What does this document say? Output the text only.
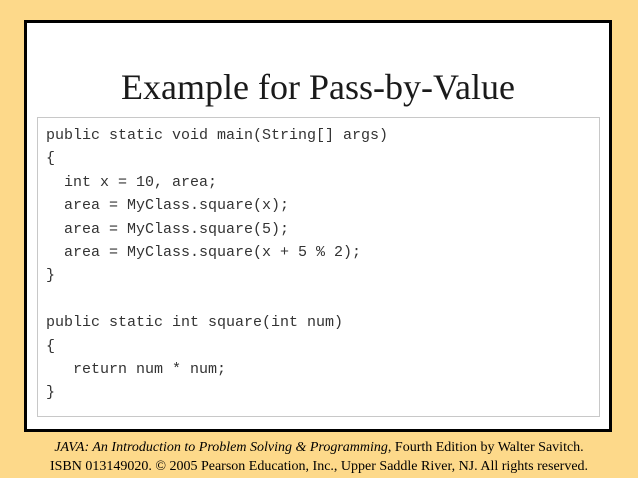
Example for Pass-by-Value
public static void main(String[] args)
{
int x = 10, area;
area = MyClass.square(x);
area = MyClass.square(5);
area = MyClass.square(x + 5 % 2);
}
public static int square(int num)
{
return num * num;
}
JAVA: An Introduction to Problem Solving & Programming, Fourth Edition by Walter Savitch.
ISBN 013149020. © 2005 Pearson Education, Inc., Upper Saddle River, NJ. All rights reserved.
